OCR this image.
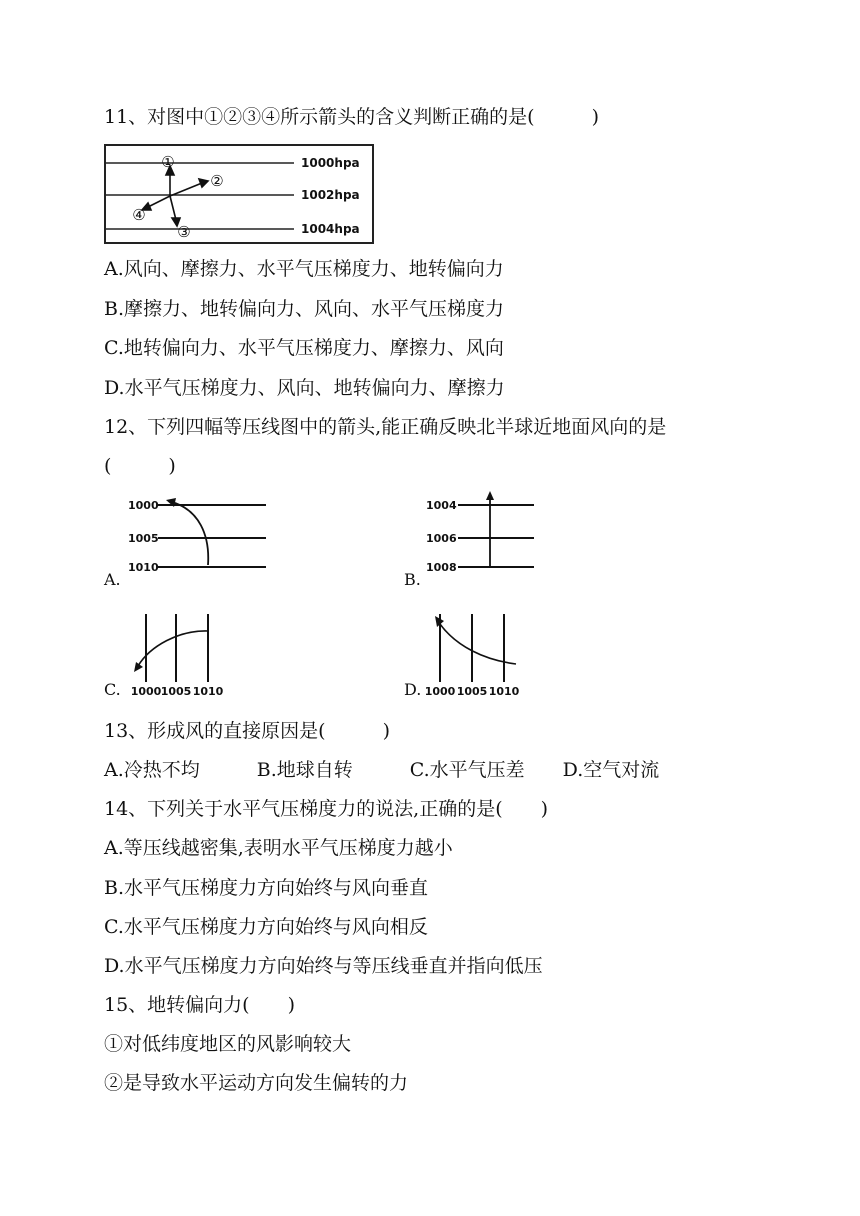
11、对图中①②③④所示箭头的含义判断正确的是(　　　)
1000hpa
1002hpa
1004hpa
①
②
③
④
A.风向、摩擦力、水平气压梯度力、地转偏向力
B.摩擦力、地转偏向力、风向、水平气压梯度力
C.地转偏向力、水平气压梯度力、摩擦力、风向
D.水平气压梯度力、风向、地转偏向力、摩擦力
12、下列四幅等压线图中的箭头,能正确反映北半球近地面风向的是
(　　　)
A.
1000
1005
1010
B.
1004
1006
1008
C. 1000 1005 1010	D. 1000 1005 1010
13、形成风的直接原因是(　　　)
A.冷热不均　　　B.地球自转　　　C.水平气压差　　D.空气对流
14、下列关于水平气压梯度力的说法,正确的是(　　)
A.等压线越密集,表明水平气压梯度力越小
B.水平气压梯度力方向始终与风向垂直
C.水平气压梯度力方向始终与风向相反
D.水平气压梯度力方向始终与等压线垂直并指向低压
15、地转偏向力(　　)
①对低纬度地区的风影响较大
②是导致水平运动方向发生偏转的力
